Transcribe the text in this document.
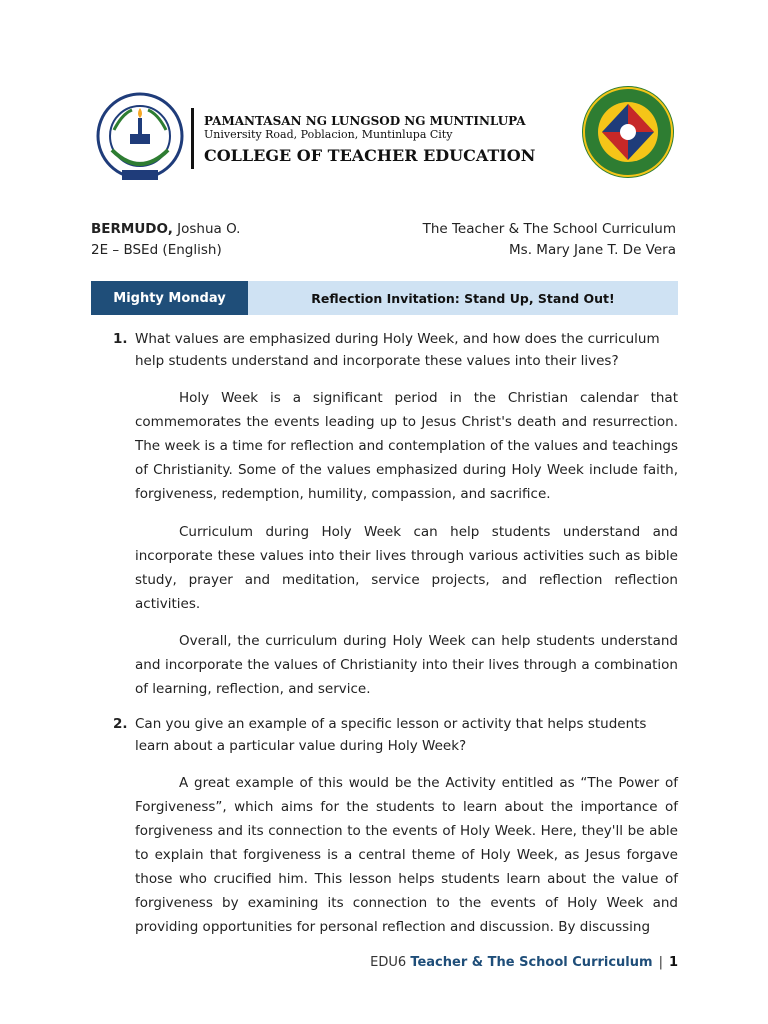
PAMANTASAN NG LUNGSOD NG MUNTINLUPA
University Road, Poblacion, Muntinlupa City
COLLEGE OF TEACHER EDUCATION
BERMUDO, Joshua O.
2E – BSEd (English)
The Teacher & The School Curriculum
Ms. Mary Jane T. De Vera
Mighty Monday	Reflection Invitation: Stand Up, Stand Out!
1. What values are emphasized during Holy Week, and how does the curriculum help students understand and incorporate these values into their lives?

Holy Week is a significant period in the Christian calendar that commemorates the events leading up to Jesus Christ's death and resurrection. The week is a time for reflection and contemplation of the values and teachings of Christianity. Some of the values emphasized during Holy Week include faith, forgiveness, redemption, humility, compassion, and sacrifice.

Curriculum during Holy Week can help students understand and incorporate these values into their lives through various activities such as bible study, prayer and meditation, service projects, and reflection reflection activities.

Overall, the curriculum during Holy Week can help students understand and incorporate the values of Christianity into their lives through a combination of learning, reflection, and service.

2. Can you give an example of a specific lesson or activity that helps students learn about a particular value during Holy Week?

A great example of this would be the Activity entitled as “The Power of Forgiveness”, which aims for the students to learn about the importance of forgiveness and its connection to the events of Holy Week. Here, they'll be able to explain that forgiveness is a central theme of Holy Week, as Jesus forgave those who crucified him. This lesson helps students learn about the value of forgiveness by examining its connection to the events of Holy Week and providing opportunities for personal reflection and discussion. By discussing

EDU6 Teacher & The School Curriculum | 1
